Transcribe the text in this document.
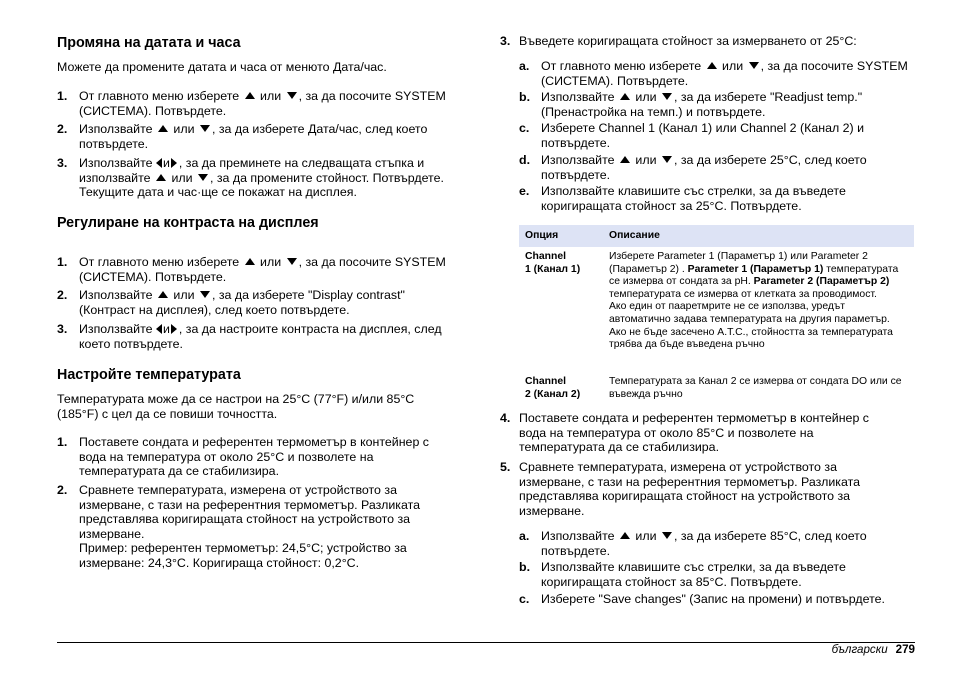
Промяна на датата и часа

Можете да промените датата и часа от менюто Дата/час.

1. От главното меню изберете или , за да посочите SYSTEM (СИСТЕМА). Потвърдете.
2. Използвайте или , за да изберете Дата/час, след което потвърдете.
3. Използвайте и , за да преминете на следващата стъпка и използвайте или , за да промените стойност. Потвърдете. Текущите дата и час·ще се покажат на дисплея.
Регулиране на контраста на дисплея
1. От главното меню изберете или , за да посочите SYSTEM (СИСТЕМА). Потвърдете.
2. Използвайте или , за да изберете "Display contrast" (Контраст на дисплея), след което потвърдете.
3. Използвайте и , за да настроите контраста на дисплея, след което потвърдете.
Настройте температурата

Температурата може да се настрои на 25°C (77°F) и/или 85°C (185°F) с цел да се повиши точността.

1. Поставете сондата и референтен термометър в контейнер с вода на температура от около 25°C и позволете на температурата да се стабилизира.
2. Сравнете температурата, измерена от устройството за измерване, с тази на референтния термометър. Разликата представлява коригиращата стойност на устройството за измерване.
Пример: референтен термометър: 24,5°C; устройство за измерване: 24,3°C. Коригираща стойност: 0,2°C.
3. Въведете коригиращата стойност за измерването от 25°C:
a. От главното меню изберете или , за да посочите SYSTEM (СИСТЕМА). Потвърдете.
b. Използвайте или , за да изберете "Readjust temp." (Пренастройка на темп.) и потвърдете.
c. Изберете Channel 1 (Канал 1) или Channel 2 (Канал 2) и потвърдете.
d. Използвайте или , за да изберете 25°C, след което потвърдете.
e. Използвайте клавишите със стрелки, за да въведете коригиращата стойност за 25°C. Потвърдете.
Опция	Описание
Channel
1 (Канал 1)
Изберете Parameter 1 (Параметър 1) или Parameter 2 (Параметър 2) . Parameter 1 (Параметър 1) температурата се измерва от сондата за pH. Parameter 2 (Параметър 2) температурата се измерва от клетката за проводимост.
Ако един от пааретмрите не се използва, уредът автоматично задава температурата на другия параметър. Ако не бъде засечено A.T.C., стойността за температурата трябва да бъде въведена ръчно
Channel
2 (Канал 2)
Температурата за Канал 2 се измерва от сондата DO или се въвежда ръчно
4. Поставете сондата и референтен термометър в контейнер с вода на температура от около 85°C и позволете на температурата да се стабилизира.
5. Сравнете температурата, измерена от устройството за измерване, с тази на референтния термометър. Разликата представлява коригиращата стойност на устройството за измерване.
a. Използвайте или , за да изберете 85°C, след което потвърдете.
b. Използвайте клавишите със стрелки, за да въведете коригиращата стойност за 85°C. Потвърдете.
c. Изберете "Save changes" (Запис на промени) и потвърдете.
български 279
